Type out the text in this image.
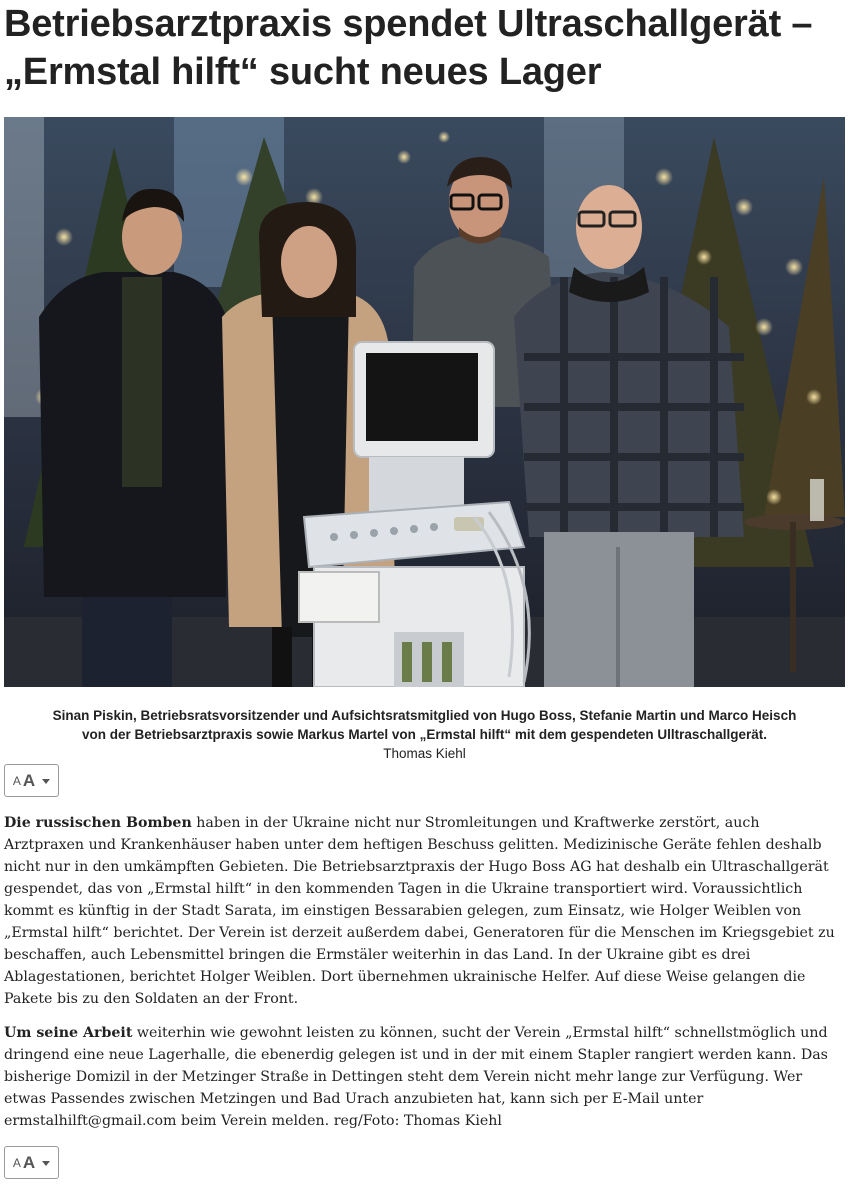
Betriebsarztpraxis spendet Ultraschallgerät – „Ermstal hilft“ sucht neues Lager
Sinan Piskin, Betriebsratsvorsitzender und Aufsichtsratsmitglied von Hugo Boss, Stefanie Martin und Marco Heisch von der Betriebsarztpraxis sowie Markus Martel von „Ermstal hilft“ mit dem gespendeten Ulltraschallgerät.
Thomas Kiehl
A A

Die russischen Bomben haben in der Ukraine nicht nur Stromleitungen und Kraftwerke zerstört, auch Arztpraxen und Krankenhäuser haben unter dem heftigen Beschuss gelitten. Medizinische Geräte fehlen deshalb nicht nur in den umkämpften Gebieten. Die Betriebsarztpraxis der Hugo Boss AG hat deshalb ein Ultraschallgerät gespendet, das von „Ermstal hilft“ in den kommenden Tagen in die Ukraine transportiert wird. Voraussichtlich kommt es künftig in der Stadt Sarata, im einstigen Bessarabien gelegen, zum Einsatz, wie Holger Weiblen von „Ermstal hilft“ berichtet. Der Verein ist derzeit außerdem dabei, Generatoren für die Menschen im Kriegsgebiet zu beschaffen, auch Lebensmittel bringen die Ermstäler weiterhin in das Land. In der Ukraine gibt es drei Ablagestationen, berichtet Holger Weiblen. Dort übernehmen ukrainische Helfer. Auf diese Weise gelangen die Pakete bis zu den Soldaten an der Front.

Um seine Arbeit weiterhin wie gewohnt leisten zu können, sucht der Verein „Ermstal hilft“ schnellstmöglich und dringend eine neue Lagerhalle, die ebenerdig gelegen ist und in der mit einem Stapler rangiert werden kann. Das bisherige Domizil in der Metzinger Straße in Dettingen steht dem Verein nicht mehr lange zur Verfügung. Wer etwas Passendes zwischen Metzingen und Bad Urach anzubieten hat, kann sich per E-Mail unter ermstalhilft@gmail.com beim Verein melden. reg/Foto: Thomas Kiehl

A A
